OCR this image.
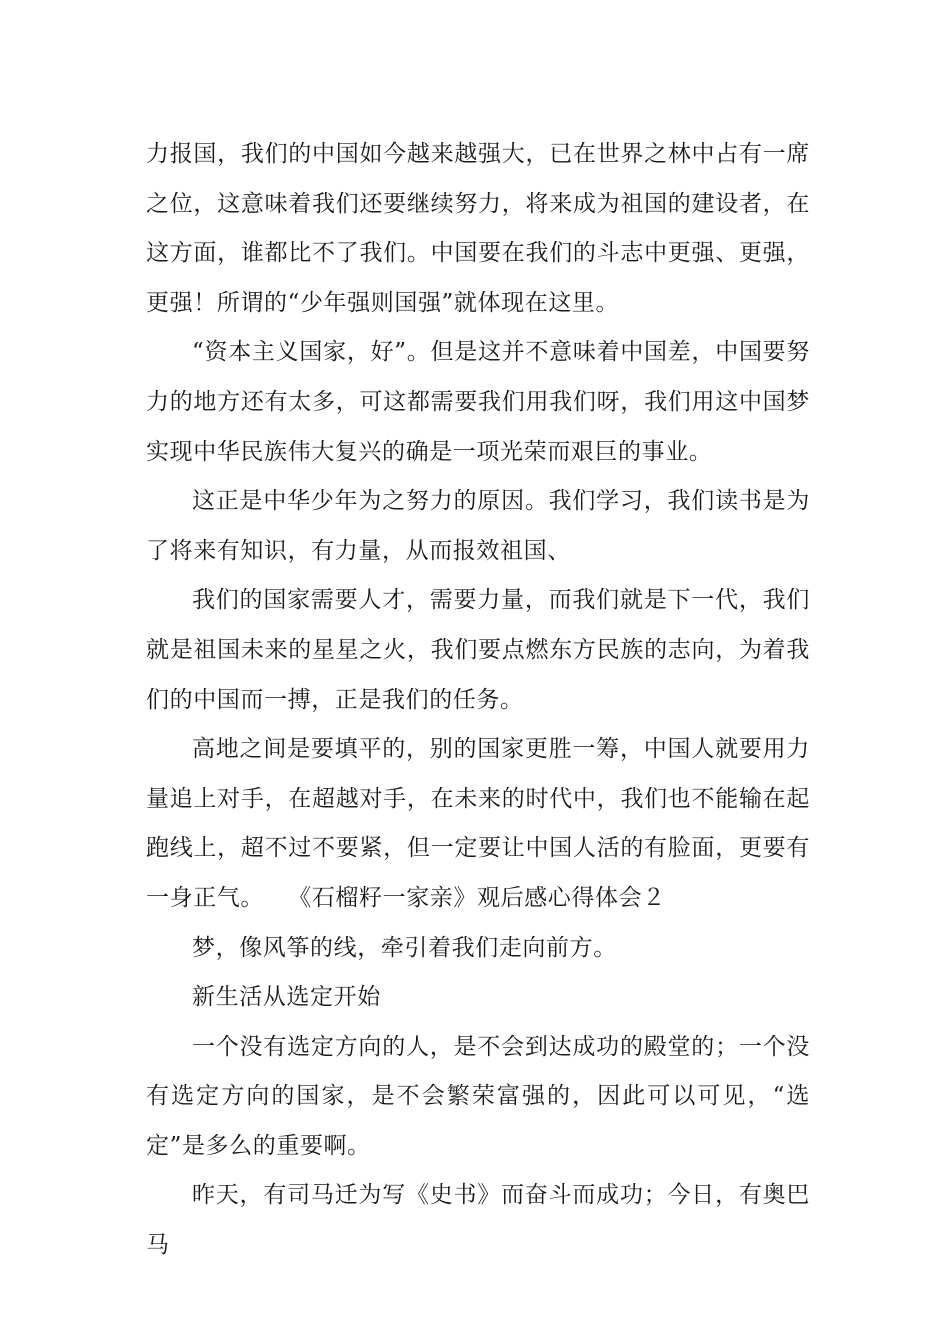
力报国，我们的中国如今越来越强大，已在世界之林中占有一席之位，这意味着我们还要继续努力，将来成为祖国的建设者，在这方面，谁都比不了我们。中国要在我们的斗志中更强、更强，更强！所谓的“少年强则国强”就体现在这里。

“资本主义国家，好”。但是这并不意味着中国差，中国要努力的地方还有太多，可这都需要我们用我们呀，我们用这中国梦实现中华民族伟大复兴的确是一项光荣而艰巨的事业。

这正是中华少年为之努力的原因。我们学习，我们读书是为了将来有知识，有力量，从而报效祖国、

我们的国家需要人才，需要力量，而我们就是下一代，我们就是祖国未来的星星之火，我们要点燃东方民族的志向，为着我们的中国而一搏，正是我们的任务。

高地之间是要填平的，别的国家更胜一筹，中国人就要用力量追上对手，在超越对手，在未来的时代中，我们也不能输在起跑线上，超不过不要紧，但一定要让中国人活的有脸面，更要有一身正气。　　《石榴籽一家亲》观后感心得体会２

梦，像风筝的线，牵引着我们走向前方。

新生活从选定开始

一个没有选定方向的人，是不会到达成功的殿堂的；一个没有选定方向的国家，是不会繁荣富强的，因此可以可见，“选定”是多么的重要啊。

昨天，有司马迁为写《史书》而奋斗而成功；今日，有奥巴马
